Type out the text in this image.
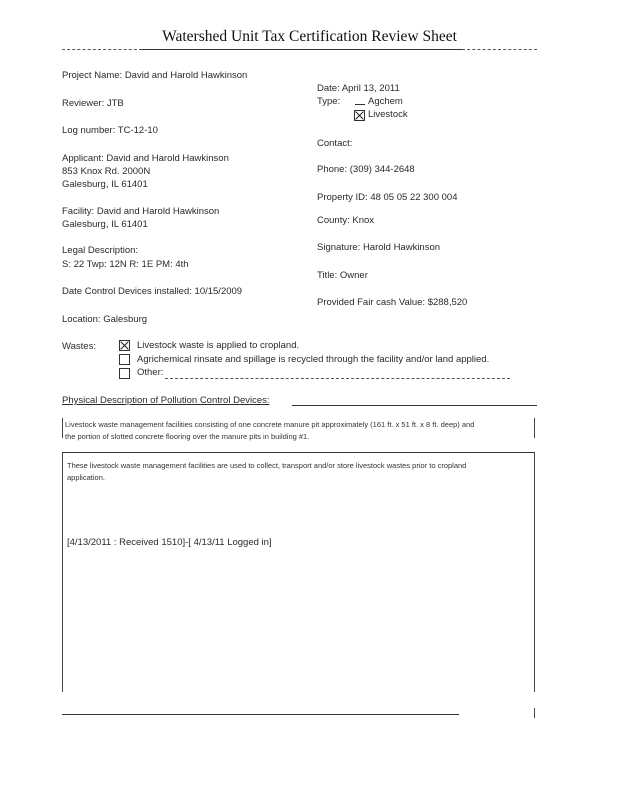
Watershed Unit Tax Certification Review Sheet
Project Name: David and Harold Hawkinson
Reviewer: JTB
Log number: TC-12-10
Applicant: David and Harold Hawkinson
853 Knox Rd. 2000N
Galesburg, IL 61401
Facility: David and Harold Hawkinson
Galesburg, IL 61401
Legal Description:
S: 22 Twp: 12N R: 1E PM: 4th
Date Control Devices installed: 10/15/2009
Location: Galesburg
Date: April 13, 2011
Type:	Agchem
Livestock
Contact:
Phone: (309) 344-2648
Property ID: 48 05 05 22 300 004
County: Knox
Signature: Harold Hawkinson
Title: Owner
Provided Fair cash Value: $288,520
Wastes:	Livestock waste is applied to cropland.
Agrichemical rinsate and spillage is recycled through the facility and/or land applied.
Other:
Physical Description of Pollution Control Devices:
Livestock waste management facilities consisting of one concrete manure pit approximately (161 ft. x 51 ft. x 8 ft. deep) and
the portion of slotted concrete flooring over the manure pits in building #1.
These livestock waste management facilities are used to collect, transport and/or store livestock wastes prior to cropland
application.
[4/13/2011 : Received 1510]-[ 4/13/11 Logged in]
